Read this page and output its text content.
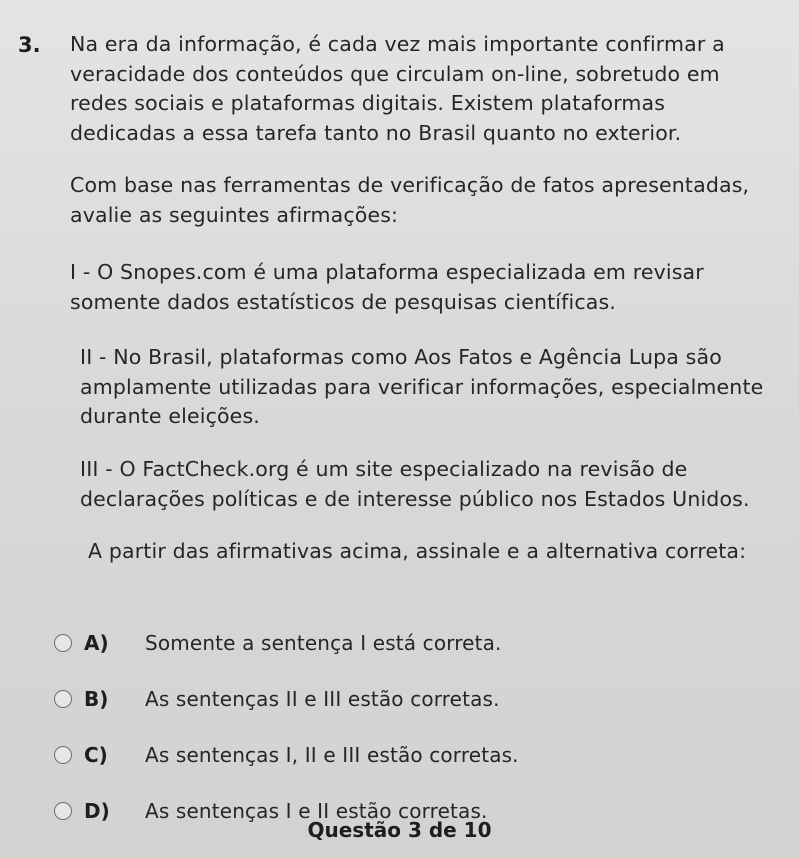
3. Na era da informação, é cada vez mais importante confirmar a
veracidade dos conteúdos que circulam on-line, sobretudo em
redes sociais e plataformas digitais. Existem plataformas
dedicadas a essa tarefa tanto no Brasil quanto no exterior.
Com base nas ferramentas de verificação de fatos apresentadas,
avalie as seguintes afirmações:
I - O Snopes.com é uma plataforma especializada em revisar
somente dados estatísticos de pesquisas científicas.
II - No Brasil, plataformas como Aos Fatos e Agência Lupa são
amplamente utilizadas para verificar informações, especialmente
durante eleições.
III - O FactCheck.org é um site especializado na revisão de
declarações políticas e de interesse público nos Estados Unidos.
A partir das afirmativas acima, assinale e a alternativa correta:
A) Somente a sentença I está correta.
B) As sentenças II e III estão corretas.
C) As sentenças I, II e III estão corretas.
D) As sentenças I e II estão corretas.
Questão 3 de 10
